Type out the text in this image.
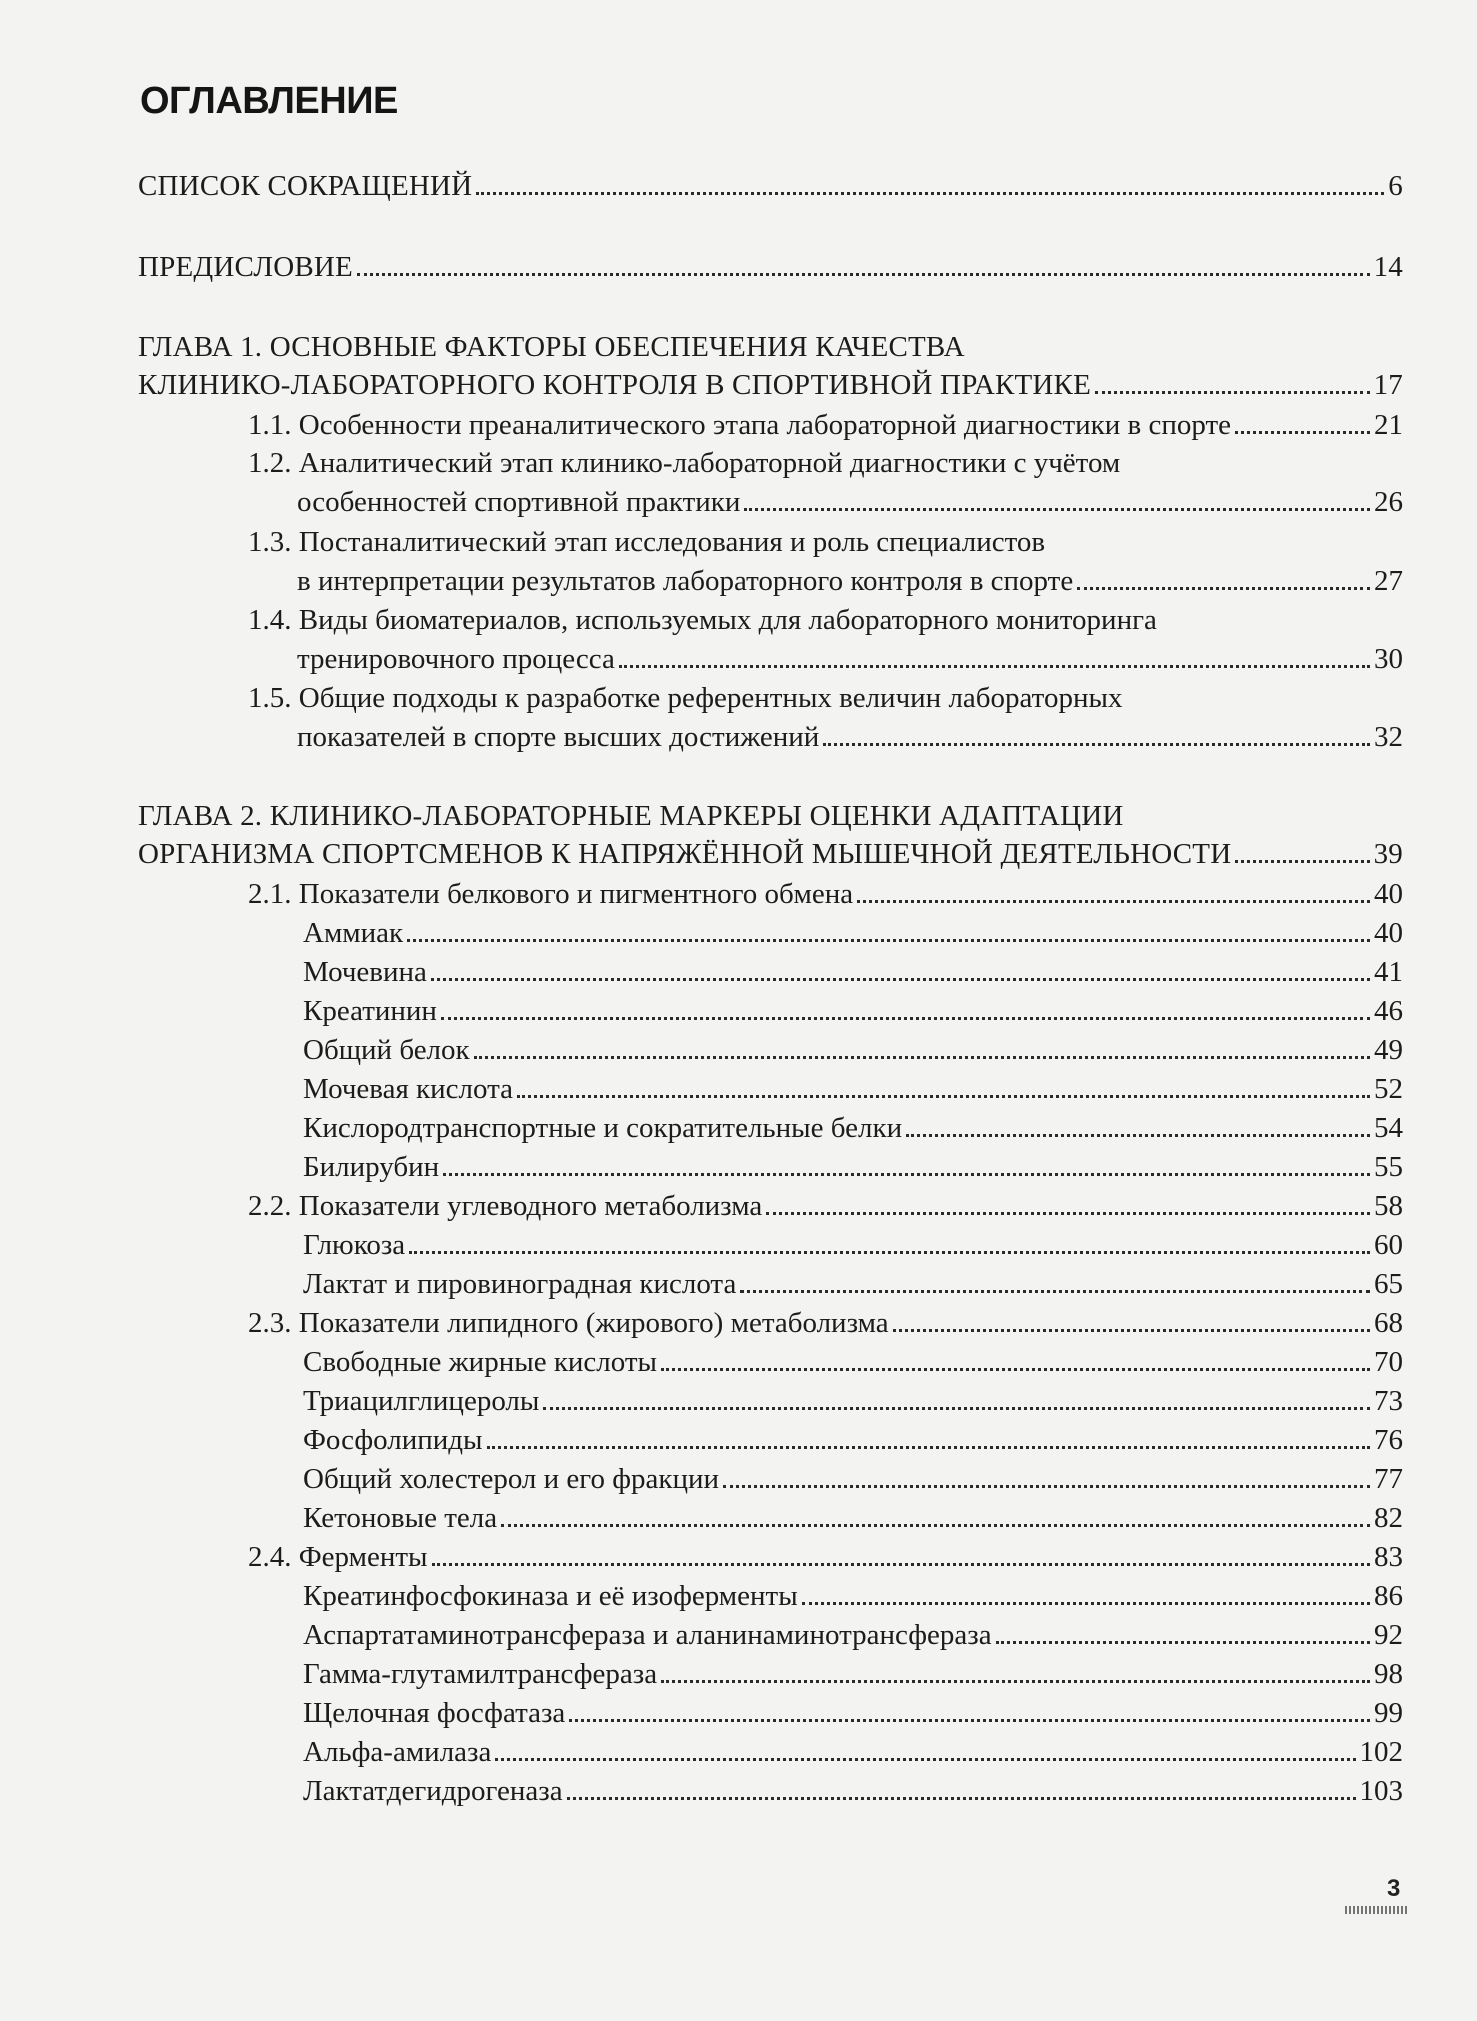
ОГЛАВЛЕНИЕ
СПИСОК СОКРАЩЕНИЙ	6
ПРЕДИСЛОВИЕ	14
ГЛАВА 1. ОСНОВНЫЕ ФАКТОРЫ ОБЕСПЕЧЕНИЯ КАЧЕСТВА
КЛИНИКО-ЛАБОРАТОРНОГО КОНТРОЛЯ В СПОРТИВНОЙ ПРАКТИКЕ	17
1.1. Особенности преаналитического этапа лабораторной диагностики в спорте	21
1.2. Аналитический этап клинико-лабораторной диагностики с учётом
особенностей спортивной практики	26
1.3. Постаналитический этап исследования и роль специалистов
в интерпретации результатов лабораторного контроля в спорте	27
1.4. Виды биоматериалов, используемых для лабораторного мониторинга
тренировочного процесса	30
1.5. Общие подходы к разработке референтных величин лабораторных
показателей в спорте высших достижений	32
ГЛАВА 2. КЛИНИКО-ЛАБОРАТОРНЫЕ МАРКЕРЫ ОЦЕНКИ АДАПТАЦИИ
ОРГАНИЗМА СПОРТСМЕНОВ К НАПРЯЖЁННОЙ МЫШЕЧНОЙ ДЕЯТЕЛЬНОСТИ	39
2.1. Показатели белкового и пигментного обмена	40
Аммиак	40
Мочевина	41
Креатинин	46
Общий белок	49
Мочевая кислота	52
Кислородтранспортные и сократительные белки	54
Билирубин	55
2.2. Показатели углеводного метаболизма	58
Глюкоза	60
Лактат и пировиноградная кислота	65
2.3. Показатели липидного (жирового) метаболизма	68
Свободные жирные кислоты	70
Триацилглицеролы	73
Фосфолипиды	76
Общий холестерол и его фракции	77
Кетоновые тела	82
2.4. Ферменты	83
Креатинфосфокиназа и её изоферменты	86
Аспартатаминотрансфераза и аланинаминотрансфераза	92
Гамма-глутамилтрансфераза	98
Щелочная фосфатаза	99
Альфа-амилаза	102
Лактатдегидрогеназа	103
3
